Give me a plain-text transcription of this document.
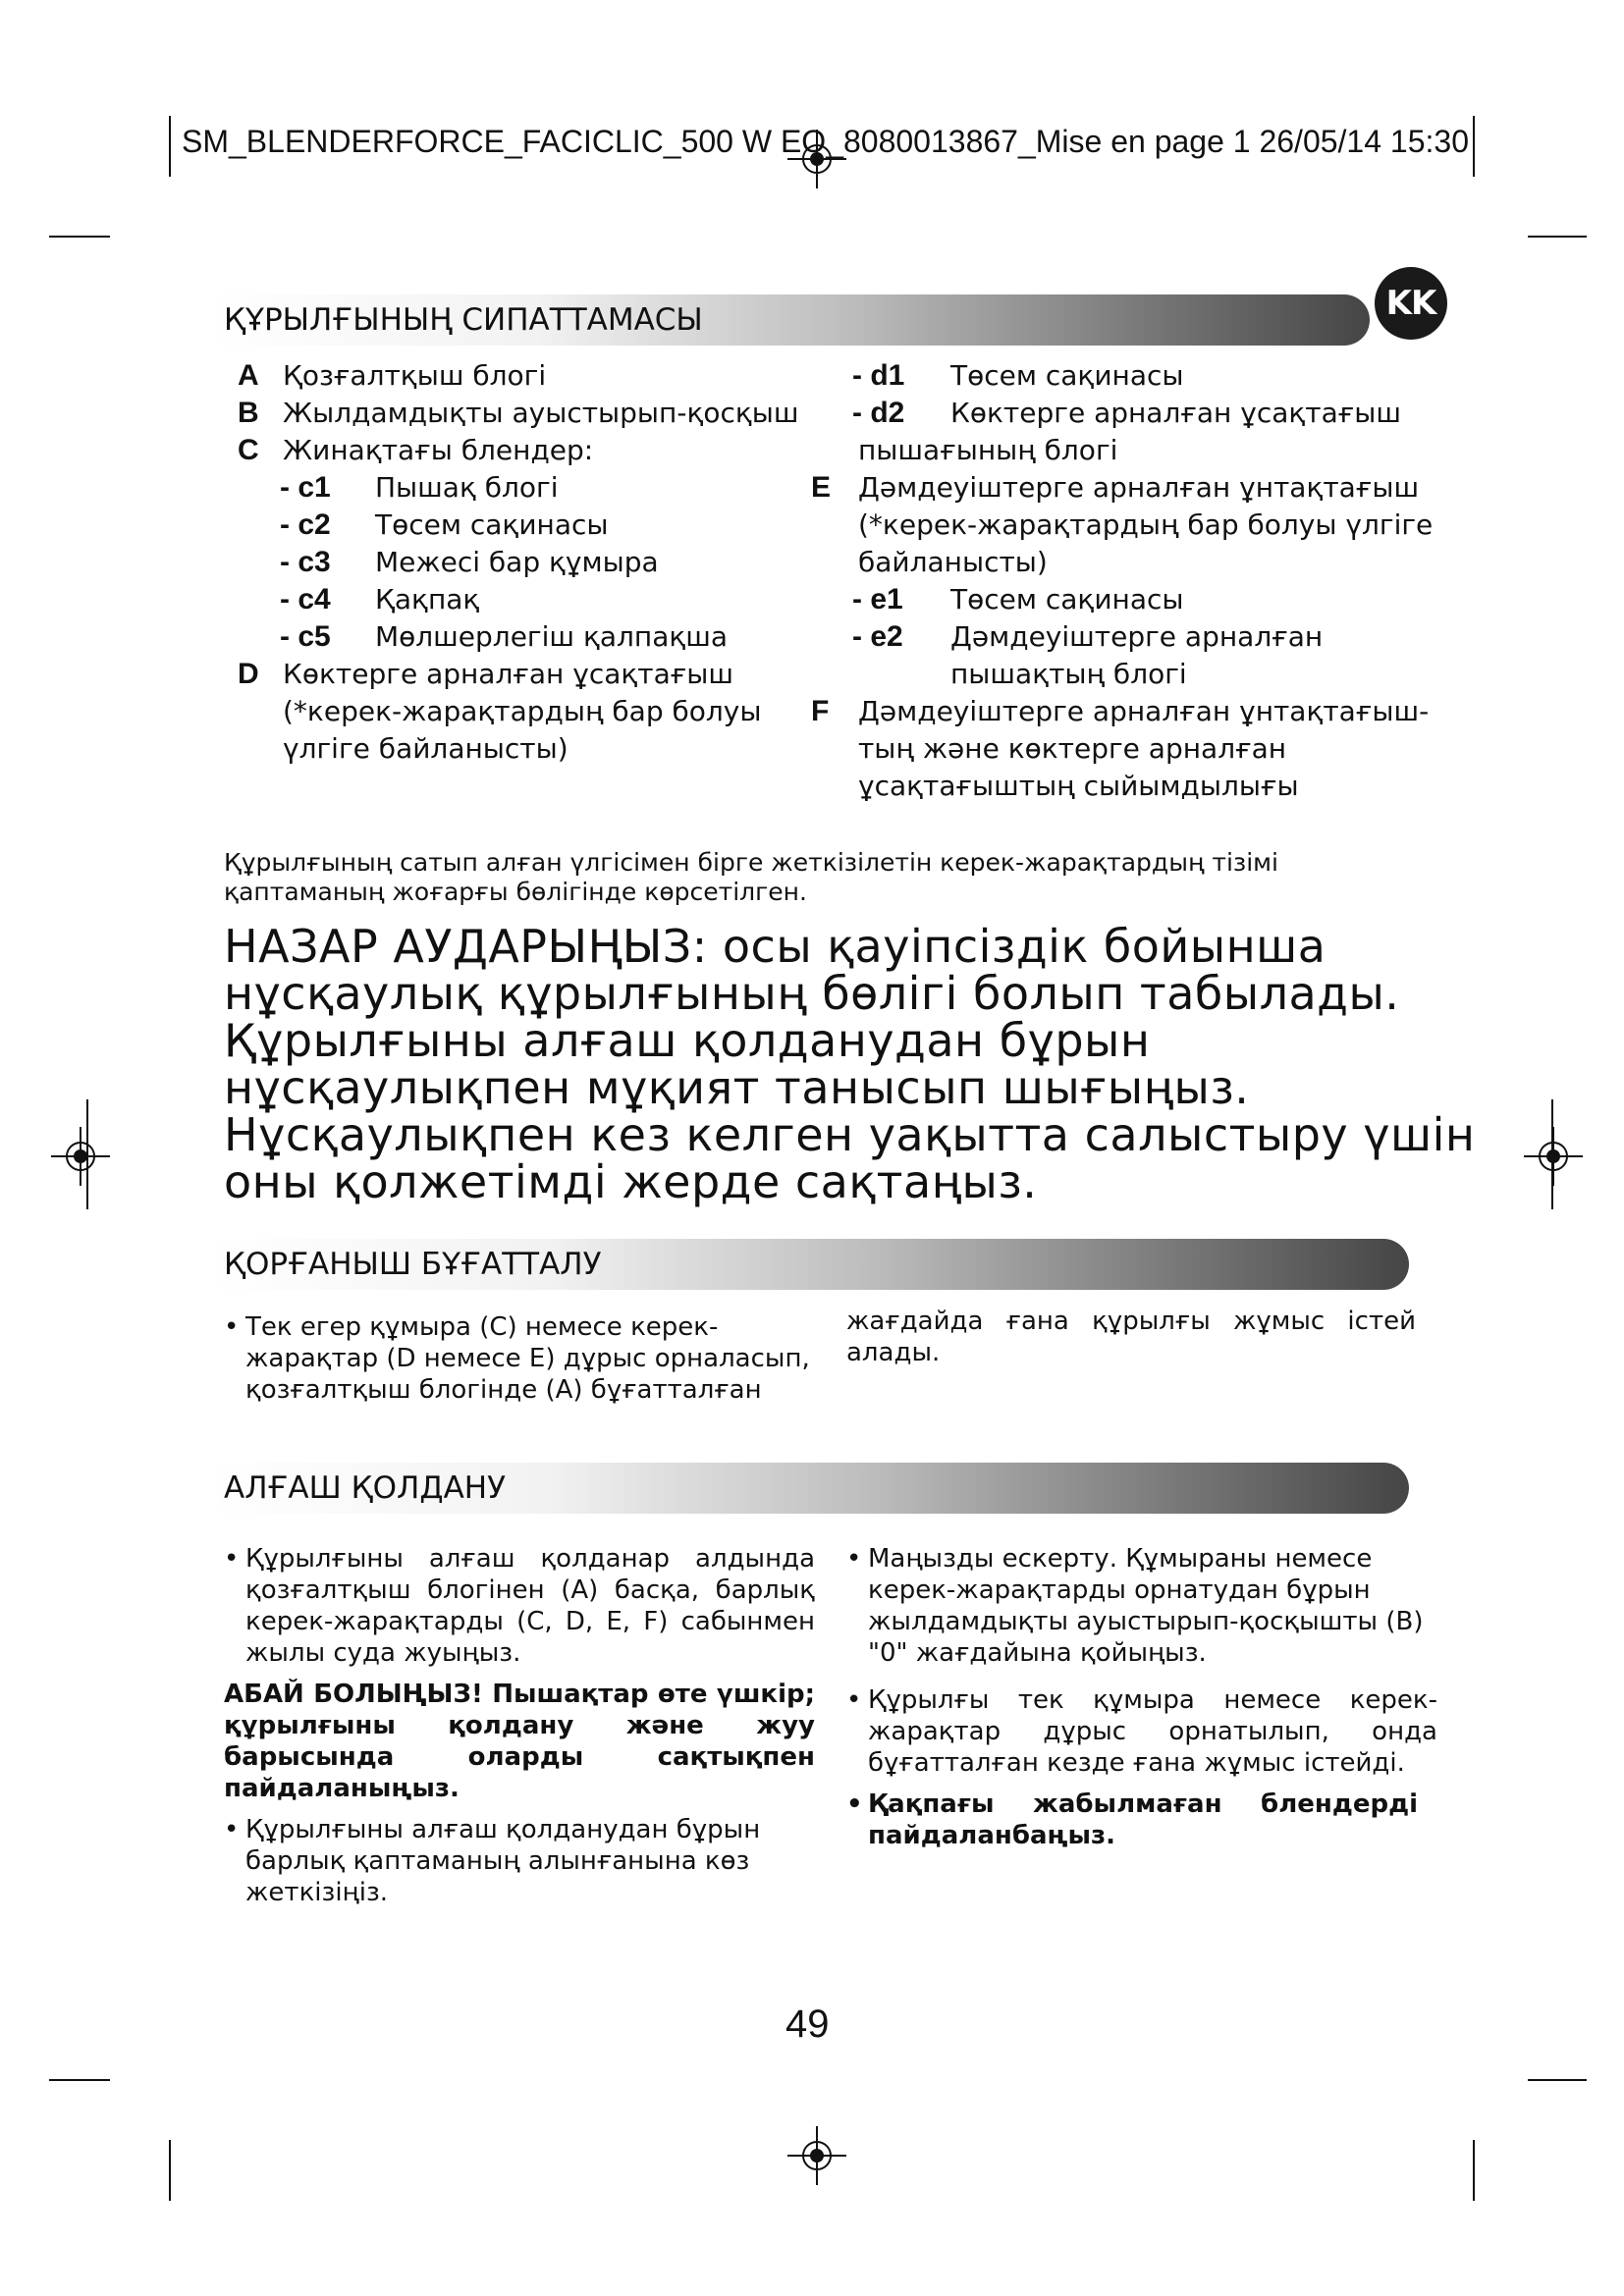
SM_BLENDERFORCE_FACICLIC_500 W EO_8080013867_Mise en page 1 26/05/14 15:30
KK
ҚҰРЫЛҒЫНЫҢ СИПАТТАМАСЫ
A Қозғалтқыш блогі
B Жылдамдықты ауыстырып-қосқыш
C Жинақтағы блендер:
- c1 Пышақ блогі
- c2 Төсем сақинасы
- c3 Межесі бар құмыра
- c4 Қақпақ
- c5 Мөлшерлегіш қалпақша
D Көктерге арналған ұсақтағыш
(*керек-жарақтардың бар болуы
үлгіге байланысты)
- d1 Төсем сақинасы
- d2 Көктерге арналған ұсақтағыш
пышағының блогі
E Дәмдеуіштерге арналған ұнтақтағыш
(*керек-жарақтардың бар болуы үлгіге
байланысты)
- e1 Төсем сақинасы
- e2 Дәмдеуіштерге арналған
пышақтың блогі
F Дәмдеуіштерге арналған ұнтақтағыш-
тың және көктерге арналған
ұсақтағыштың сыйымдылығы
Құрылғының сатып алған үлгісімен бірге жеткізілетін керек-жарақтардың тізімі қаптаманың жоғарғы бөлігінде көрсетілген.
НАЗАР АУДАРЫҢЫЗ: осы қауіпсіздік бойынша нұсқаулық құрылғының бөлігі болып табылады. Құрылғыны алғаш қолданудан бұрын нұсқаулықпен мұқият танысып шығыңыз. Нұсқаулықпен кез келген уақытта салыстыру үшін оны қолжетімді жерде сақтаңыз.
ҚОРҒАНЫШ БҰҒАТТАЛУ
• Тек егер құмыра (C) немесе керек-жарақтар (D немесе E) дұрыс орналасып, қозғалтқыш блогінде (A) бұғатталған
жағдайда ғана құрылғы жұмыс істей алады.
АЛҒАШ ҚОЛДАНУ
• Құрылғыны алғаш қолданар алдында қозғалтқыш блогінен (A) басқа, барлық керек-жарақтарды (C, D, E, F) сабынмен жылы суда жуыңыз.
АБАЙ БОЛЫҢЫЗ! Пышақтар өте үшкір; құрылғыны қолдану және жуу барысында оларды сақтықпен пайдаланыңыз.
• Құрылғыны алғаш қолданудан бұрын барлық қаптаманың алынғанына көз жеткізіңіз.
• Маңызды ескерту. Құмыраны немесе керек-жарақтарды орнатудан бұрын жылдамдықты ауыстырып-қосқышты (B) "0" жағдайына қойыңыз.
• Құрылғы тек құмыра немесе керек-жарақтар дұрыс орнатылып, онда бұғатталған кезде ғана жұмыс істейді.
• Қақпағы жабылмаған блендерді пайдаланбаңыз.
49
